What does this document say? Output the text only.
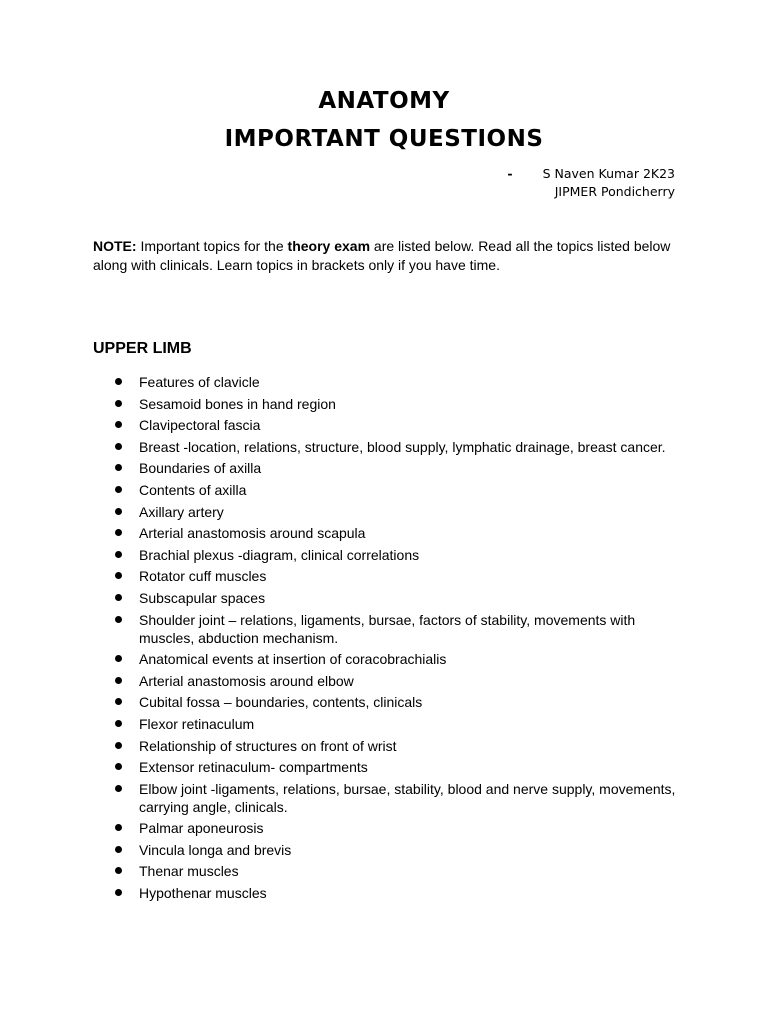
ANATOMY
IMPORTANT QUESTIONS
- S Naven Kumar 2K23
JIPMER Pondicherry

NOTE: Important topics for the theory exam are listed below. Read all the topics listed below along with clinicals. Learn topics in brackets only if you have time.

UPPER LIMB
Features of clavicle
Sesamoid bones in hand region
Clavipectoral fascia
Breast -location, relations, structure, blood supply, lymphatic drainage, breast cancer.
Boundaries of axilla
Contents of axilla
Axillary artery
Arterial anastomosis around scapula
Brachial plexus -diagram, clinical correlations
Rotator cuff muscles
Subscapular spaces
Shoulder joint – relations, ligaments, bursae, factors of stability, movements with muscles, abduction mechanism.
Anatomical events at insertion of coracobrachialis
Arterial anastomosis around elbow
Cubital fossa – boundaries, contents, clinicals
Flexor retinaculum
Relationship of structures on front of wrist
Extensor retinaculum- compartments
Elbow joint -ligaments, relations, bursae, stability, blood and nerve supply, movements, carrying angle, clinicals.
Palmar aponeurosis
Vincula longa and brevis
Thenar muscles
Hypothenar muscles
